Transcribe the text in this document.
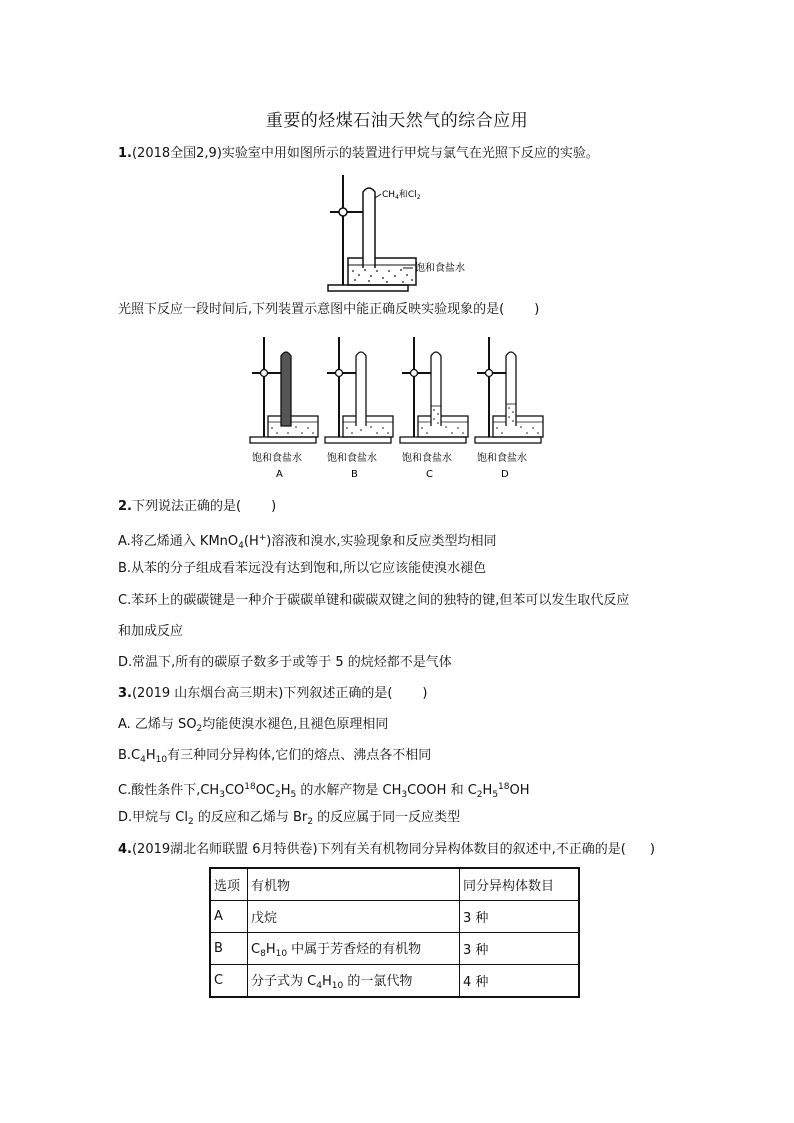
重要的烃煤石油天然气的综合应用
1.(2018全国2,9)实验室中用如图所示的装置进行甲烷与氯气在光照下反应的实验。
$CH_4$和$Cl_2$
饱和食盐水
光照下反应一段时间后,下列装置示意图中能正确反映实验现象的是( )
饱和食盐水
A
饱和食盐水
B
饱和食盐水
C
饱和食盐水
D
2.下列说法正确的是( )
A.将乙烯通入 KMnO$_4$(H+)溶液和溴水,实验现象和反应类型均相同
B.从苯的分子组成看苯远没有达到饱和,所以它应该能使溴水褪色
C.苯环上的碳碳键是一种介于碳碳单键和碳碳双键之间的独特的键,但苯可以发生取代反应
和加成反应
D.常温下,所有的碳原子数多于或等于 5 的烷烃都不是气体
3.(2019 山东烟台高三期末)下列叙述正确的是( )
A. 乙烯与 $SO_2$均能使溴水褪色,且褪色原理相同
$B.C_4H_{10}$有三种同分异构体,它们的熔点、沸点各不相同
C.酸性条件下$,CH_3CO^{18}OC_2H_5$ 的水解产物是 $CH_3COOH$ 和 $C_2H_5^{18}OH$
D.甲烷与 $Cl_2$ 的反应和乙烯与 $Br_2$ 的反应属于同一反应类型
4.(2019湖北名师联盟 6月特供卷)下列有关有机物同分异构体数目的叙述中,不正确的是( )
选项	有机物	同分异构体数目
A	戊烷	3 种
B	$C_8H_{10}$ 中属于芳香烃的有机物	3 种
C	分子式为 $C_4H_{10}$ 的一氯代物	4 种
